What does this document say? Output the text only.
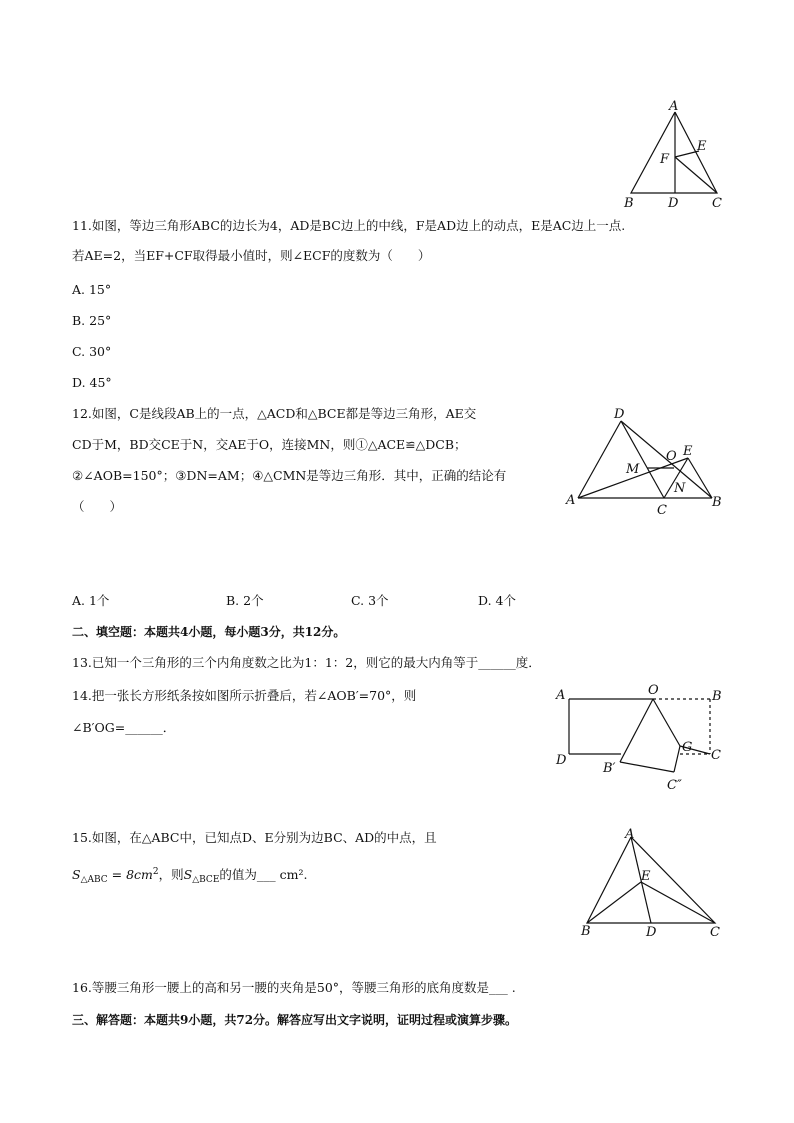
A
E
F
B	D	C
11.如图，等边三角形ABC的边长为4，AD是BC边上的中线，F是AD边上的动点，E是AC边上一点.
若AE=2，当EF+CF取得最小值时，则∠ECF的度数为（　　）
A. 15°
B. 25°
C. 30°
D. 45°
12.如图，C是线段AB上的一点，△ACD和△BCE都是等边三角形，AE交
CD于M，BD交CE于N，交AE于O，连接MN，则①△ACE≌△DCB；
②∠AOB=150°；③DN=AM；④△CMN是等边三角形．其中，正确的结论有
（　　）
D
E
O
M
N
A
C
B
A. 1个	B. 2个	C. 3个	D. 4个
二、填空题：本题共4小题，每小题3分，共12分。
13.已知一个三角形的三个内角度数之比为1：1：2，则它的最大内角等于______度．
14.把一张长方形纸条按如图所示折叠后，若∠AOB′=70°，则
∠B′OG=______．
A	O	B
G
C
D
B′
C″
15.如图，在△ABC中，已知点D、E分别为边BC、AD的中点，且
$S_{\triangle ABC} = 8cm^2$，则$S_{\triangle BCE}$的值为___ cm².
A
E
B	D	C
16.等腰三角形一腰上的高和另一腰的夹角是50°，等腰三角形的底角度数是___ .
三、解答题：本题共9小题，共72分。解答应写出文字说明，证明过程或演算步骤。
